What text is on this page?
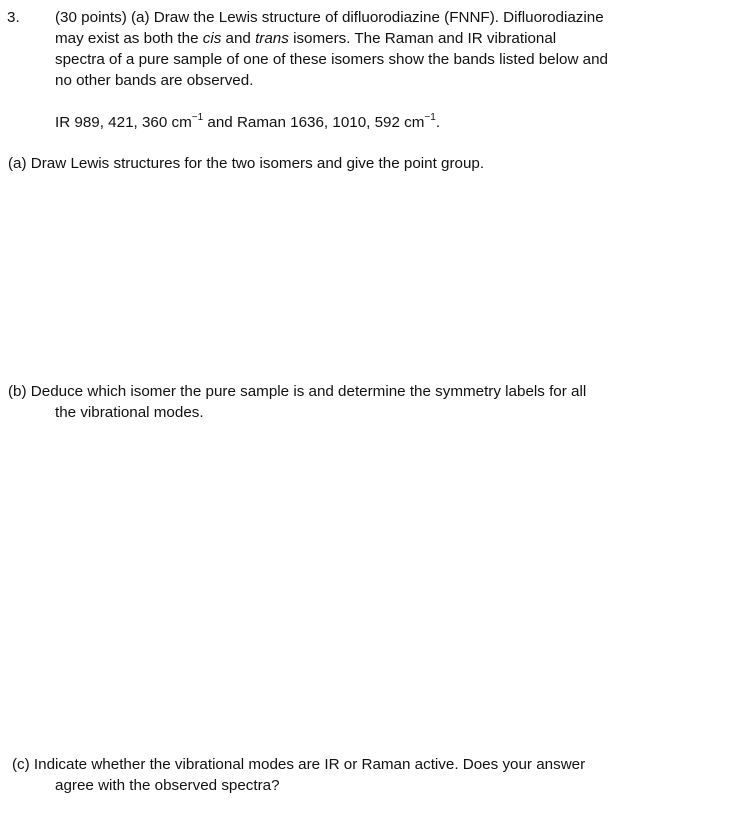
3. (30 points) (a) Draw the Lewis structure of difluorodiazine (FNNF). Difluorodiazine
may exist as both the cis and trans isomers. The Raman and IR vibrational
spectra of a pure sample of one of these isomers show the bands listed below and
no other bands are observed.
IR 989, 421, 360 $cm^{-1}$ and Raman 1636, 1010, 592 $cm^{-1}$.
(a) Draw Lewis structures for the two isomers and give the point group.
(b) Deduce which isomer the pure sample is and determine the symmetry labels for all
the vibrational modes.
(c) Indicate whether the vibrational modes are IR or Raman active. Does your answer
agree with the observed spectra?
